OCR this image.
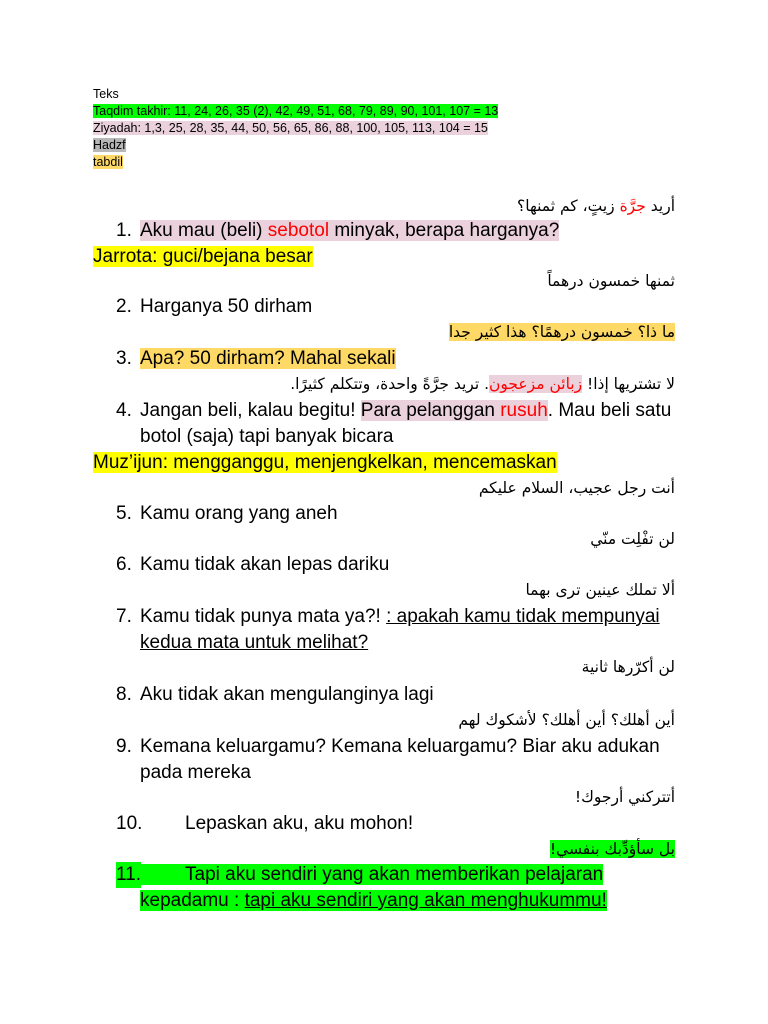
Teks
Taqdim takhir: 11, 24, 26, 35 (2), 42, 49, 51, 68, 79, 89, 90, 101, 107 = 13
Ziyadah: 1,3, 25, 28, 35, 44, 50, 56, 65, 86, 88, 100, 105, 113, 104 = 15
Hadzf
tabdil
أريد جرَّة زيتٍ، كم ثمنها؟
1. Aku mau (beli) sebotol minyak, berapa harganya?
Jarrota: guci/bejana besar
ثمنها خمسون درهماً
2. Harganya 50 dirham
ما ذا؟ خمسون درهمًا؟ هذا كثير جدا
3. Apa? 50 dirham? Mahal sekali
لا تشتريها إذا! زبائن مزعجون. تريد جرَّةً واحدة، وتتكلم كثيرًا.
4. Jangan beli, kalau begitu! Para pelanggan rusuh. Mau beli satu botol (saja) tapi banyak bicara
Muz’ijun: mengganggu, menjengkelkan, mencemaskan
أنت رجل عجيب، السلام عليكم
5. Kamu orang yang aneh
لن تفْلِت منّي
6. Kamu tidak akan lepas dariku
ألا تملك عينين ترى بهما
7. Kamu tidak punya mata ya?! : apakah kamu tidak mempunyai kedua mata untuk melihat?
لن أكرّرها ثانية
8. Aku tidak akan mengulanginya lagi
أين أهلك؟ أين أهلك؟ لأشكوك لهم
9. Kemana keluargamu? Kemana keluargamu? Biar aku adukan pada mereka
أتتركني أرجوك!
10.	Lepaskan aku, aku mohon!
بل سأؤدِّبك بنفسي!
11.	Tapi aku sendiri yang akan memberikan pelajaran kepadamu : tapi aku sendiri yang akan menghukummu!
